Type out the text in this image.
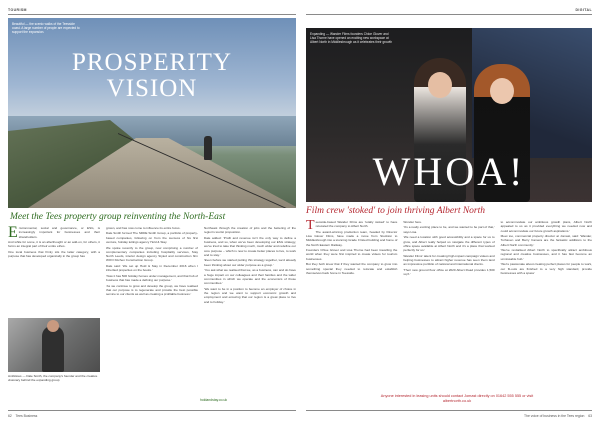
TOURISM
Beautiful — the scenic walks of the Teesside coast. A large number of people are expected to support the expansion.
PROSPERITY
VISION
Meet the Tees property group reinventing the North-East
E nvironmental, social and governance, or ESG, is increasingly important for businesses and their shareholders.

And while for some, it is an afterthought or an add-on, for others, it forms an integral part of their entire ethos.

One local business that firmly sits the latter category, with a purpose that has developed organically in the group has

grown, and has now come to influence its entire focus.

Dale Smith formed The SDDE Smith Group, a portfolio of property-based companies, following on from the success of his first venture, holiday lettings agency Hold & Stay.

We spoke recently to the group, now comprising a number of complementary companies including hospitality services, Stay North Leeds, interior design agency Styled and construction firm WOO Kitchen Construction Group.

Dale said: 'We set up Hold & Stay in December 2016 when I inherited properties on the books.'

'Now it has 500 holiday homes under management, and that hub of business that has made a defining our purpose.'

'As we continue to grow and develop the group, we have realised that our purpose is to regenerate and provide the best possible service to our clients as well as creating a profitable business.'

Northeast through the creation of jobs and the bettering of the region's tourist proposition.

Dale added: 'Profit and revenue isn't the only way to define a business, and so, when we've been developing our ESG strategy, we've tried to take that thinking much, much wider and redefine our core purpose – which is now to create better places to live, to work and to stay.'

'Even before we started putting this strategy together, we'd already been thinking about our wider purpose as a group.'

'You ask what we realised that we, as a business, can and do have a huge impact on our colleagues and their families and the wider communities in which we operate and the economics of those communities.'

'We want to be in a position to become an employer of choice in the region and we want to support economic growth and employment and ensuring that our region is a great place to live and to holiday.'

Ambitious — Dale Smith, the company's founder and the creative visionary behind the expanding group
holdandstay.co.uk
62 Tees Business
DIGITAL
Expanding — Wander Films founders Chloe Glover and Lisa Thorne have opened an exciting new workspace at Albert North in Middlesbrough as it celebrates their growth
WHOA!
Film crew 'stoked' to join thriving Albert North
T eesside-based Wander Films are 'totally stoked' to have relocated the company to Albert North.

The award-winning production team, headed by Director Lisa Glover Films, have made a move from Stockton to Middlesbrough into a stunning Grade II listed building and home of the North Eastern Railway.

Founders Chloe Glover and Lisa Thorne had been travelling the world when they were first inspired to create videos for tourism businesses.

But they both knew that if they wanted the company to grow into something special they needed to relocate and establish themselves back home in Teesside.

Wonder here.

'It's a really exciting place to be, and we wanted to be part of that,' says Lisa.

'We need a location with good accessibility and a space for us to grow, and Albert really helped us navigate the different types of office space available at Albert North and it's a place that worked perfectly for us.'

Wander Films' talent for creating high-impact campaign videos and helping businesses to attract higher revenue has seen them land an impressive portfolio of national and international clients.

'Their new ground floor office at 2020 Albert Road provides 1,500 sq ft.'

to accommodate our ambitious growth plans, Albert North appealed to us as it provided everything we needed now and could accommodate our future growth aspirations.'

Meet too, commercial property director at Jomast, said: 'Wander, Torhaven and Barry Camera are the fantastic additions to the Albert North community.'

'We've revitalised Albert North to specifically attract ambitious regional and creative businesses, and it has fast become an unmissable hub.'

'We're passionate about creating perfect places for people to work, our fit-outs are finished to a very high standard, provide businesses with a space'

Anyone interested in leasing units should contact Jomast directly on 01642 555 555 or visit albertnorth.co.uk
The voice of business in the Tees region 63
